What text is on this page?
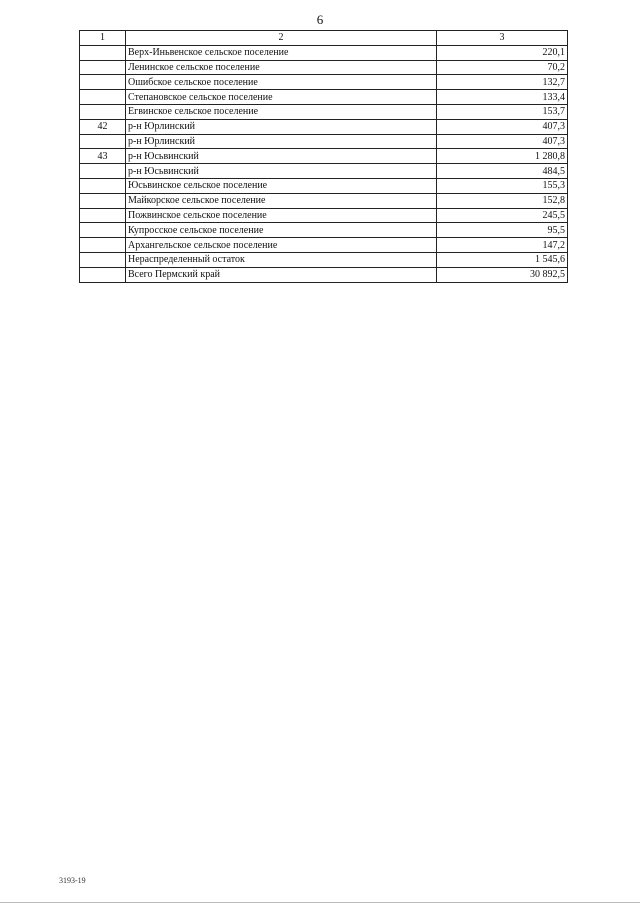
6
1	2	3
	Верх-Иньвенское сельское поселение	220,1
	Ленинское сельское поселение	70,2
	Ошибское сельское поселение	132,7
	Степановское сельское поселение	133,4
	Егвинское сельское поселение	153,7
42	р-н Юрлинский	407,3
	р-н Юрлинский	407,3
43	р-н Юсьвинский	1 280,8
	р-н Юсьвинский	484,5
	Юсьвинское сельское поселение	155,3
	Майкорское сельское поселение	152,8
	Пожвинское сельское поселение	245,5
	Купросское сельское поселение	95,5
	Архангельское сельское поселение	147,2
	Нераспределенный остаток	1 545,6
	Всего Пермский край	30 892,5
3193-19
